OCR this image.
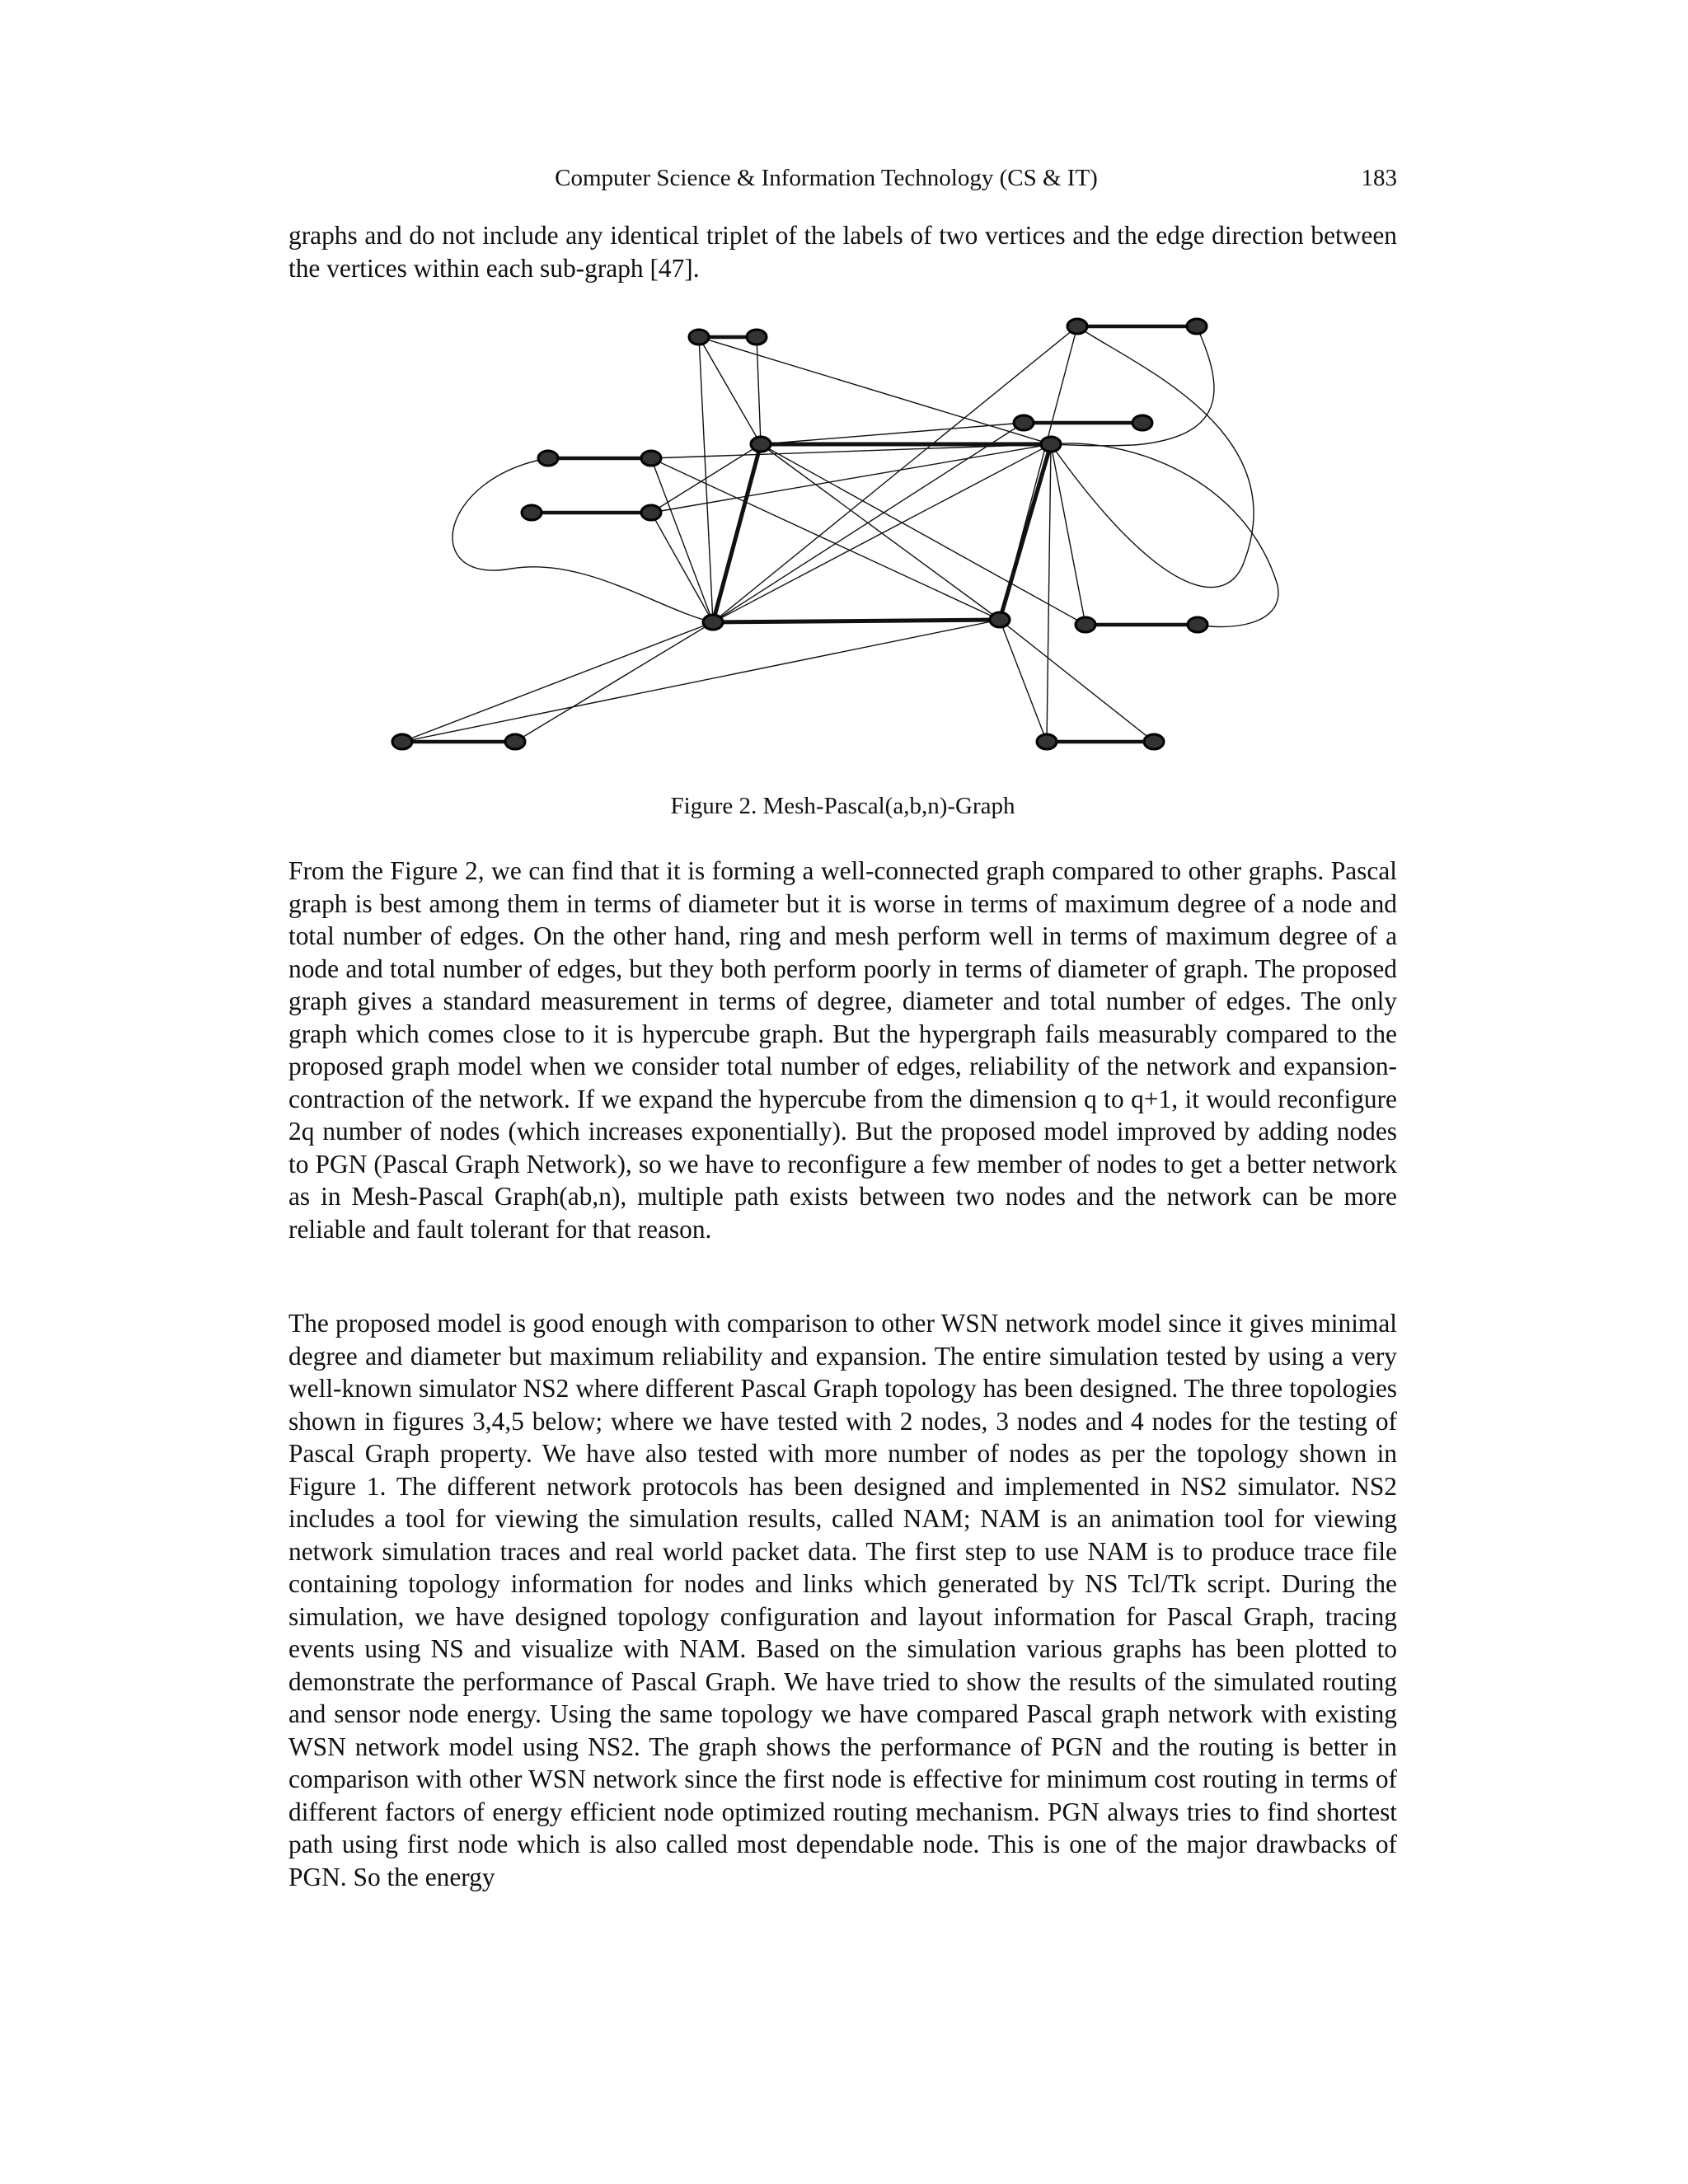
Computer Science & Information Technology (CS & IT)	183

graphs and do not include any identical triplet of the labels of two vertices and the edge direction between the vertices within each sub-graph [47].

Figure 2. Mesh-Pascal(a,b,n)-Graph

From the Figure 2, we can find that it is forming a well-connected graph compared to other graphs. Pascal graph is best among them in terms of diameter but it is worse in terms of maximum degree of a node and total number of edges. On the other hand, ring and mesh perform well in terms of maximum degree of a node and total number of edges, but they both perform poorly in terms of diameter of graph. The proposed graph gives a standard measurement in terms of degree, diameter and total number of edges. The only graph which comes close to it is hypercube graph. But the hypergraph fails measurably compared to the proposed graph model when we consider total number of edges, reliability of the network and expansion-contraction of the network. If we expand the hypercube from the dimension q to q+1, it would reconfigure 2q number of nodes (which increases exponentially). But the proposed model improved by adding nodes to PGN (Pascal Graph Network), so we have to reconfigure a few member of nodes to get a better network as in Mesh-Pascal Graph(ab,n), multiple path exists between two nodes and the network can be more reliable and fault tolerant for that reason.

The proposed model is good enough with comparison to other WSN network model since it gives minimal degree and diameter but maximum reliability and expansion. The entire simulation tested by using a very well-known simulator NS2 where different Pascal Graph topology has been designed. The three topologies shown in figures 3,4,5 below; where we have tested with 2 nodes, 3 nodes and 4 nodes for the testing of Pascal Graph property. We have also tested with more number of nodes as per the topology shown in Figure 1. The different network protocols has been designed and implemented in NS2 simulator. NS2 includes a tool for viewing the simulation results, called NAM; NAM is an animation tool for viewing network simulation traces and real world packet data. The first step to use NAM is to produce trace file containing topology information for nodes and links which generated by NS Tcl/Tk script. During the simulation, we have designed topology configuration and layout information for Pascal Graph, tracing events using NS and visualize with NAM. Based on the simulation various graphs has been plotted to demonstrate the performance of Pascal Graph. We have tried to show the results of the simulated routing and sensor node energy. Using the same topology we have compared Pascal graph network with existing WSN network model using NS2. The graph shows the performance of PGN and the routing is better in comparison with other WSN network since the first node is effective for minimum cost routing in terms of different factors of energy efficient node optimized routing mechanism. PGN always tries to find shortest path using first node which is also called most dependable node. This is one of the major drawbacks of PGN. So the energy
